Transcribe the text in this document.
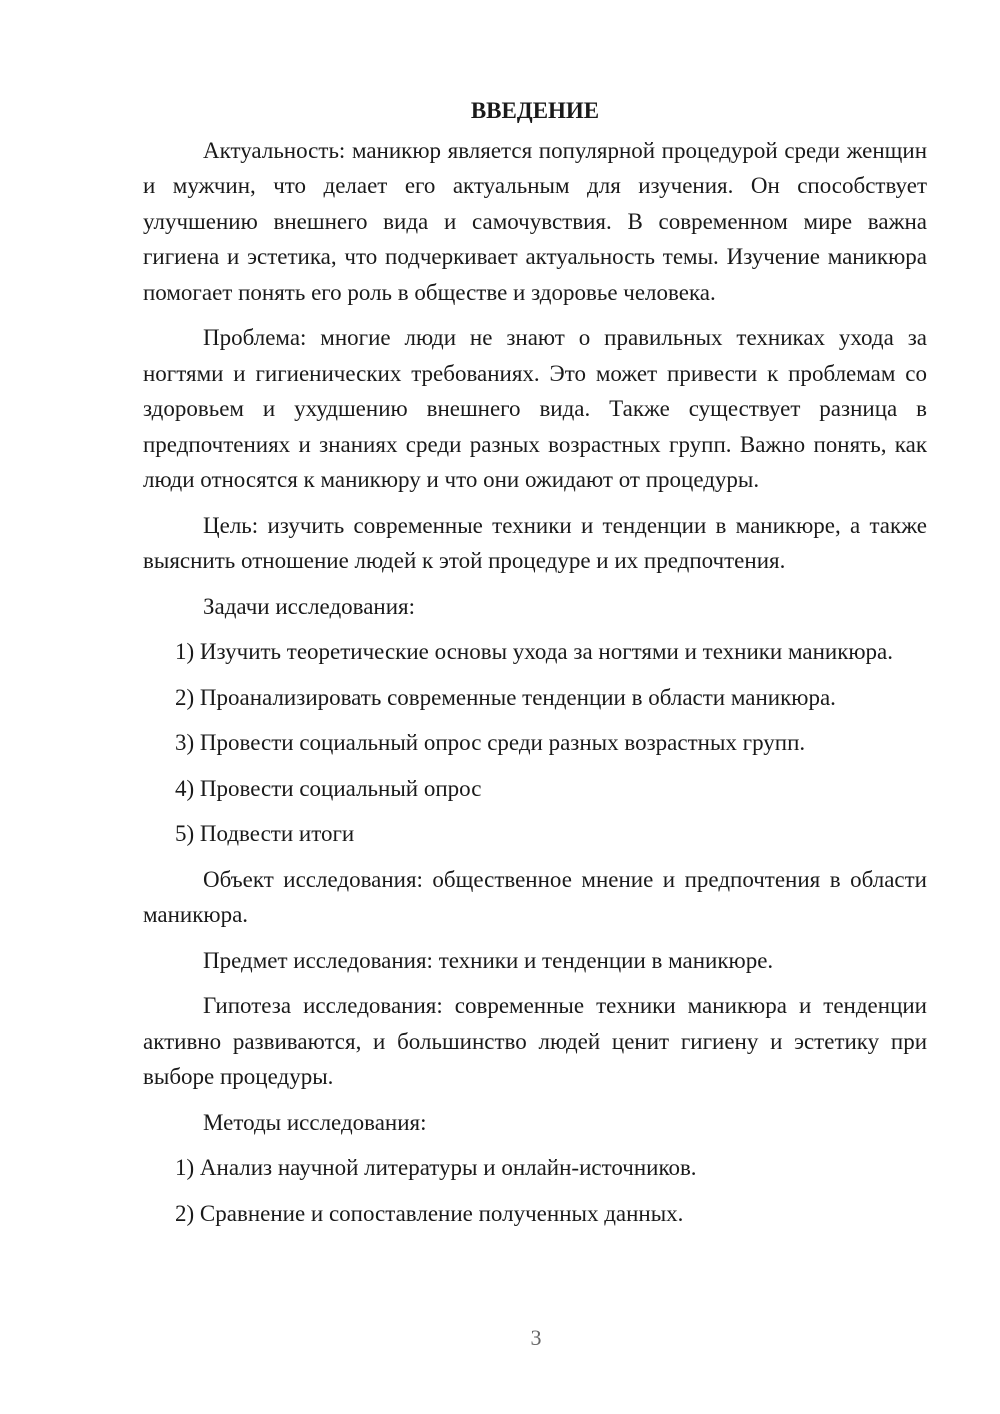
ВВЕДЕНИЕ
Актуальность: маникюр является популярной процедурой среди женщин и мужчин, что делает его актуальным для изучения. Он способствует улучшению внешнего вида и самочувствия. В современном мире важна гигиена и эстетика, что подчеркивает актуальность темы. Изучение маникюра помогает понять его роль в обществе и здоровье человека.
Проблема: многие люди не знают о правильных техниках ухода за ногтями и гигиенических требованиях. Это может привести к проблемам со здоровьем и ухудшению внешнего вида. Также существует разница в предпочтениях и знаниях среди разных возрастных групп. Важно понять, как люди относятся к маникюру и что они ожидают от процедуры.
Цель: изучить современные техники и тенденции в маникюре, а также выяснить отношение людей к этой процедуре и их предпочтения.
Задачи исследования:
1) Изучить теоретические основы ухода за ногтями и техники маникюра.
2) Проанализировать современные тенденции в области маникюра.
3) Провести социальный опрос среди разных возрастных групп.
4) Провести социальный опрос
5) Подвести итоги
Объект исследования: общественное мнение и предпочтения в области маникюра.
Предмет исследования: техники и тенденции в маникюре.
Гипотеза исследования: современные техники маникюра и тенденции активно развиваются, и большинство людей ценит гигиену и эстетику при выборе процедуры.
Методы исследования:
1) Анализ научной литературы и онлайн-источников.
2) Сравнение и сопоставление полученных данных.
3
